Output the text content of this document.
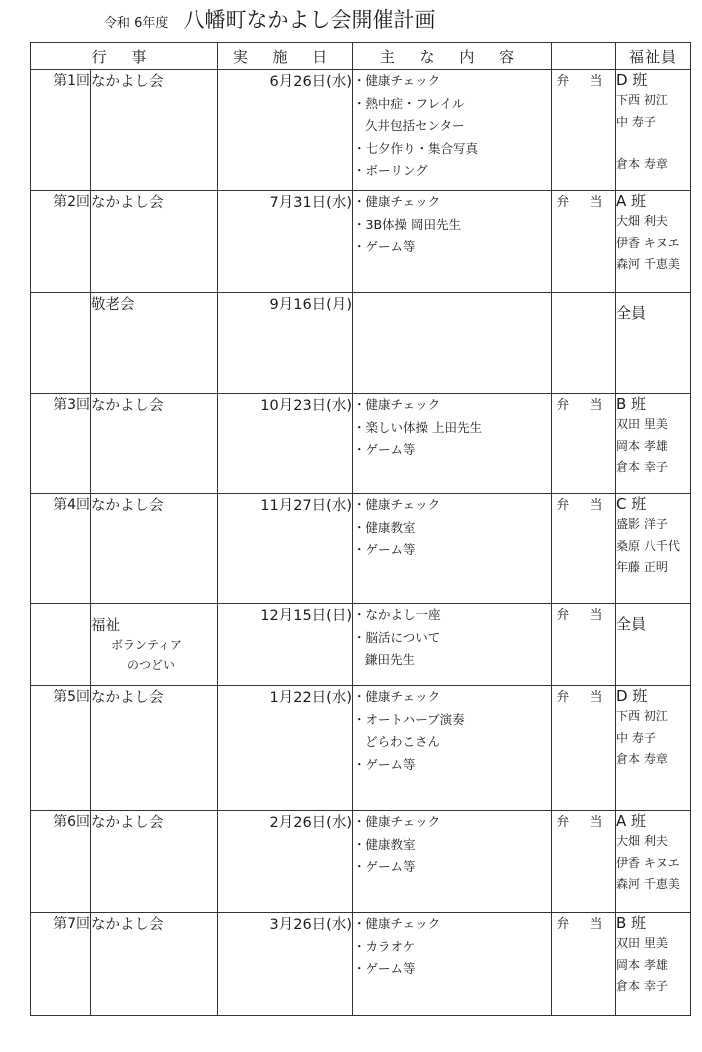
令和 6年度 八幡町なかよし会開催計画
行 事		実 施 日	主 な 内 容		福祉員
第1回	なかよし会	6月26日(水)	・健康チェック
・熱中症・フレイル
久井包括センター
・七夕作り・集合写真
・ボーリング	弁 当	D 班
下西 初江
中 寿子
倉本 寿章

第2回	なかよし会	7月31日(水)	・健康チェック
・3B体操 岡田先生
・ゲーム等	弁 当	A 班
大畑 利夫
伊香 キヌエ
森河 千恵美

	敬老会	9月16日(月)			全員

第3回	なかよし会	10月23日(水)	・健康チェック
・楽しい体操 上田先生
・ゲーム等	弁 当	B 班
双田 里美
岡本 孝雄
倉本 幸子

第4回	なかよし会	11月27日(水)	・健康チェック
・健康教室
・ゲーム等	弁 当	C 班
盛影 洋子
桑原 八千代
年藤 正明

	福祉
ボランティア
のつどい	12月15日(日)	・なかよし一座
・脳活について
鎌田先生	弁 当	全員

第5回	なかよし会	1月22日(水)	・健康チェック
・オートハーブ演奏
どらわこさん
・ゲーム等	弁 当	D 班
下西 初江
中 寿子
倉本 寿章

第6回	なかよし会	2月26日(水)	・健康チェック
・健康教室
・ゲーム等	弁 当	A 班
大畑 利夫
伊香 キヌエ
森河 千恵美

第7回	なかよし会	3月26日(水)	・健康チェック
・カラオケ
・ゲーム等	弁 当	B 班
双田 里美
岡本 孝雄
倉本 幸子
